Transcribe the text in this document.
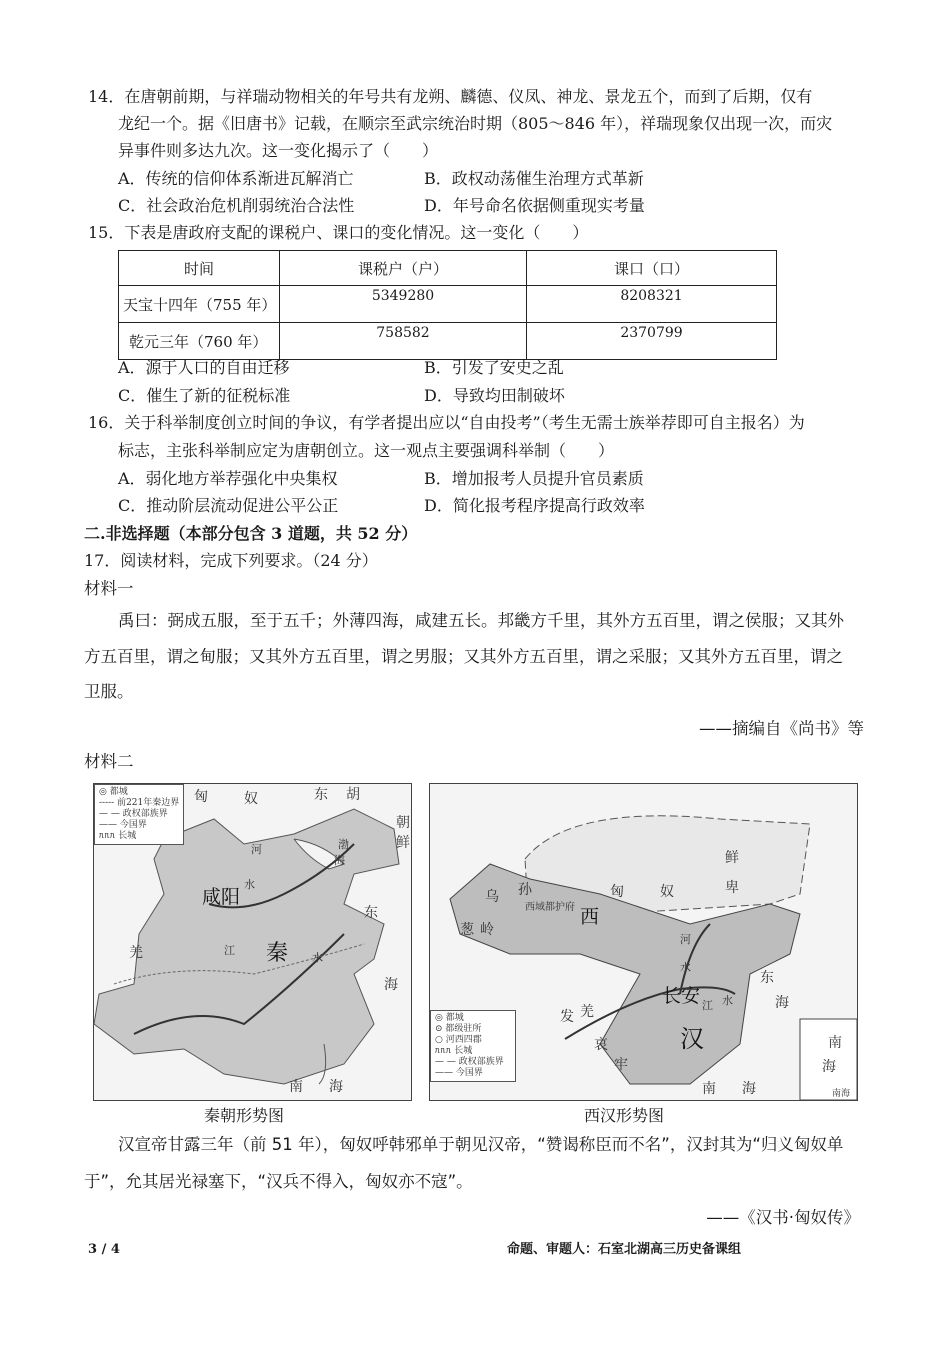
14．在唐朝前期，与祥瑞动物相关的年号共有龙朔、麟德、仪凤、神龙、景龙五个，而到了后期，仅有
龙纪一个。据《旧唐书》记载，在顺宗至武宗统治时期（805～846 年），祥瑞现象仅出现一次，而灾
异事件则多达九次。这一变化揭示了（　　）
A．传统的信仰体系渐进瓦解消亡	B．政权动荡催生治理方式革新
C．社会政治危机削弱统治合法性	D．年号命名依据侧重现实考量
15．下表是唐政府支配的课税户、课口的变化情况。这一变化（　　）
时间	课税户（户）	课口（口）
天宝十四年（755 年）	5349280	8208321
乾元三年（760 年）	758582	2370799
A．源于人口的自由迁移	B．引发了安史之乱
C．催生了新的征税标准	D．导致均田制破坏
16．关于科举制度创立时间的争议，有学者提出应以“自由投考”（考生无需士族举荐即可自主报名）为
标志，主张科举制应定为唐朝创立。这一观点主要强调科举制（　　）
A．弱化地方举荐强化中央集权	B．增加报考人员提升官员素质
C．推动阶层流动促进公平公正	D．简化报考程序提高行政效率
二.非选择题（本部分包含 3 道题，共 52 分）
17．阅读材料，完成下列要求。（24 分）
材料一
禹曰：弼成五服，至于五千；外薄四海，咸建五长。邦畿方千里，其外方五百里，谓之侯服；又其外
方五百里，谓之甸服；又其外方五百里，谓之男服；又其外方五百里，谓之采服；又其外方五百里，谓之
卫服。
——摘编自《尚书》等
材料二
◎ 都城
----- 前221年秦边界
— — 政权部族界
—— 今国界
ᥰᥰᥰ 长城
匈	奴	东 胡
朝
鲜
咸阳
渤
海
河
水
东
海
羌	秦
江
水
南 海
◎ 都城
⊙ 都级驻所
○ 河西四郡
ᥰᥰᥰ 长城
— — 政权部族界
—— 今国界
乌 孙
西域都护府 西
葱 岭
匈	奴
鲜
卑
河
水
长安 江 水
东
海
发 羌
哀
牢
汉
南 海
南
海
南海
秦朝形势图	西汉形势图
汉宣帝甘露三年（前 51 年），匈奴呼韩邪单于朝见汉帝，“赞谒称臣而不名”，汉封其为“归义匈奴单
于”，允其居光禄塞下，“汉兵不得入，匈奴亦不寇”。
——《汉书·匈奴传》
3 / 4	命题、审题人：石室北湖高三历史备课组
